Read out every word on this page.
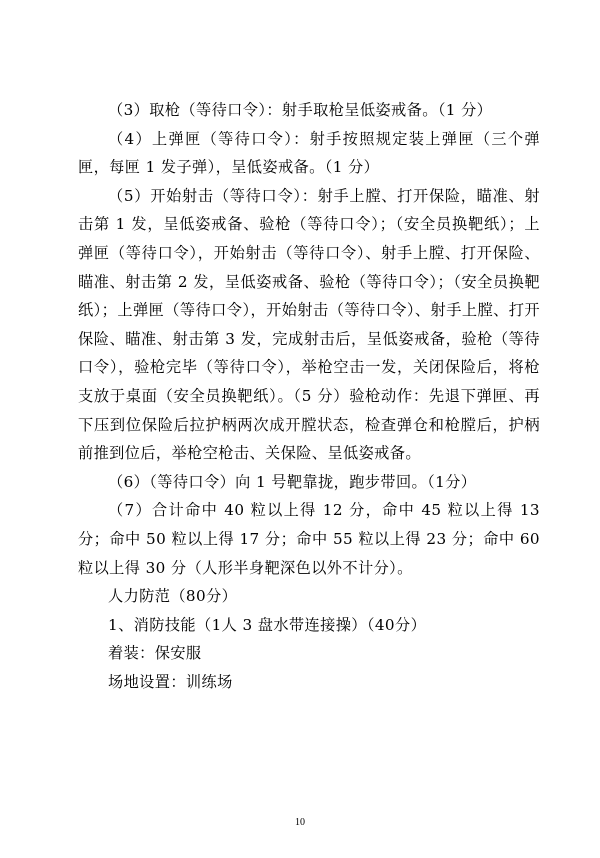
（3）取枪（等待口令）：射手取枪呈低姿戒备。（1 分）

（4）上弹匣（等待口令）：射手按照规定装上弹匣（三个弹匣，每匣 1 发子弹），呈低姿戒备。（1 分）

（5）开始射击（等待口令）：射手上膛、打开保险，瞄准、射击第 1 发，呈低姿戒备、验枪（等待口令）；（安全员换靶纸）；上弹匣（等待口令），开始射击（等待口令）、射手上膛、打开保险、瞄准、射击第 2 发，呈低姿戒备、验枪（等待口令）；（安全员换靶纸）；上弹匣（等待口令），开始射击（等待口令）、射手上膛、打开保险、瞄准、射击第 3 发，完成射击后，呈低姿戒备，验枪（等待口令），验枪完毕（等待口令），举枪空击一发，关闭保险后，将枪支放于桌面（安全员换靶纸）。（5 分）验枪动作：先退下弹匣、再下压到位保险后拉护柄两次成开膛状态，检查弹仓和枪膛后，护柄前推到位后，举枪空枪击、关保险、呈低姿戒备。

（6）（等待口令）向 1 号靶靠拢，跑步带回。（1分）

（7）合计命中 40 粒以上得 12 分，命中 45 粒以上得 13 分；命中 50 粒以上得 17 分；命中 55 粒以上得 23 分；命中 60 粒以上得 30 分（人形半身靶深色以外不计分）。

人力防范（80分）

1、消防技能（1人 3 盘水带连接操）（40分）

着装：保安服

场地设置：训练场

10
